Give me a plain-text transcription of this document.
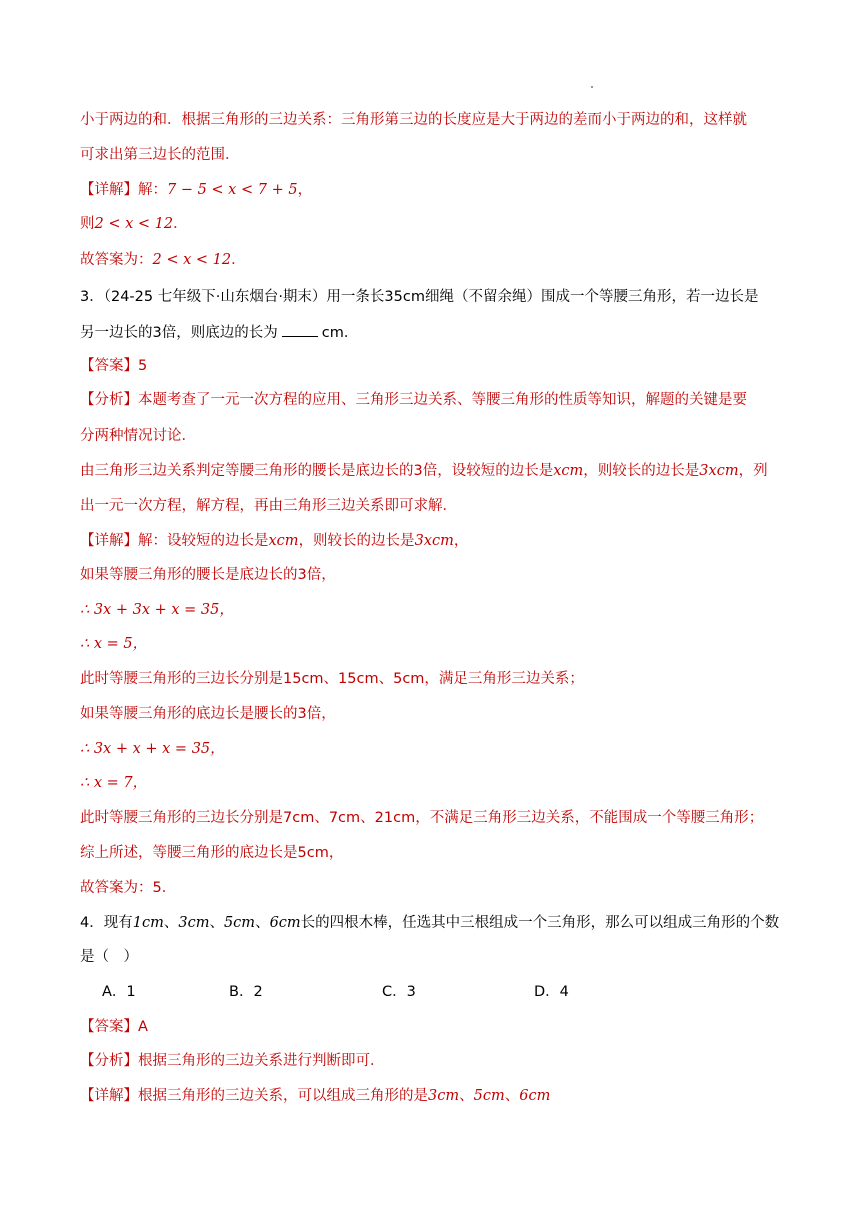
小于两边的和．根据三角形的三边关系：三角形第三边的长度应是大于两边的差而小于两边的和，这样就
可求出第三边长的范围．
【详解】解：7 − 5 < x < 7 + 5，
则2 < x < 12．
故答案为：2 < x < 12．
3．（24-25 七年级下·山东烟台·期末）用一条长35cm细绳（不留余绳）围成一个等腰三角形，若一边长是
另一边长的3倍，则底边的长为	cm．
【答案】5
【分析】本题考查了一元一次方程的应用、三角形三边关系、等腰三角形的性质等知识，解题的关键是要
分两种情况讨论．
由三角形三边关系判定等腰三角形的腰长是底边长的3倍，设较短的边长是xcm，则较长的边长是3xcm，列
出一元一次方程，解方程，再由三角形三边关系即可求解．
【详解】解：设较短的边长是xcm，则较长的边长是3xcm，
如果等腰三角形的腰长是底边长的3倍，
∴ 3x + 3x + x = 35，
∴ x = 5，
此时等腰三角形的三边长分别是15cm、15cm、5cm，满足三角形三边关系；
如果等腰三角形的底边长是腰长的3倍，
∴ 3x + x + x = 35，
∴ x = 7，
此时等腰三角形的三边长分别是7cm、7cm、21cm，不满足三角形三边关系，不能围成一个等腰三角形；
综上所述，等腰三角形的底边长是5cm，
故答案为：5．
4．现有1cm、3cm、5cm、6cm长的四根木棒，任选其中三根组成一个三角形，那么可以组成三角形的个数
是（　）
A．1	B．2	C．3	D．4
【答案】A
【分析】根据三角形的三边关系进行判断即可．
【详解】根据三角形的三边关系，可以组成三角形的是3cm、5cm、6cm
